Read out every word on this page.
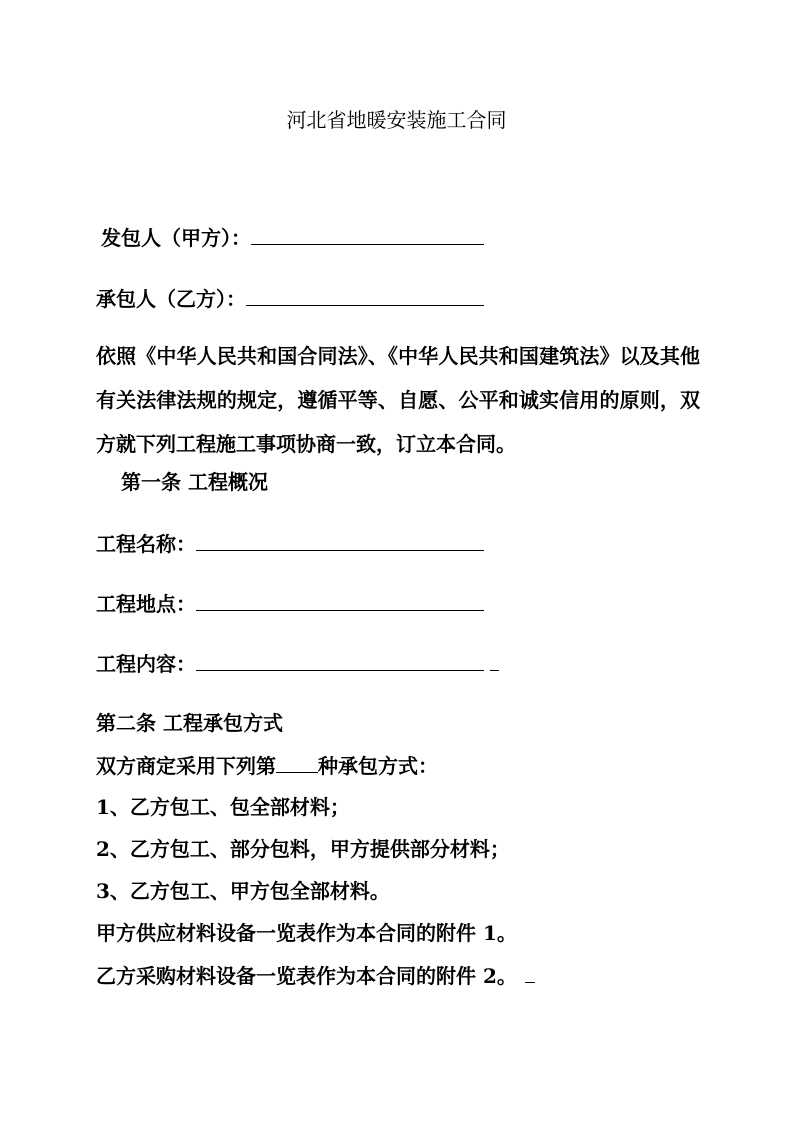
河北省地暖安装施工合同
发包人（甲方）：
承包人（乙方）：
依照《中华人民共和国合同法》、《中华人民共和国建筑法》以及其他有关法律法规的规定，遵循平等、自愿、公平和诚实信用的原则，双方就下列工程施工事项协商一致，订立本合同。
第一条 工程概况
工程名称：
工程地点：
工程内容：
第二条 工程承包方式
双方商定采用下列第 种承包方式：
1、乙方包工、包全部材料；
2、乙方包工、部分包料，甲方提供部分材料；
3、乙方包工、甲方包全部材料。
甲方供应材料设备一览表作为本合同的附件 1。
乙方采购材料设备一览表作为本合同的附件 2。
